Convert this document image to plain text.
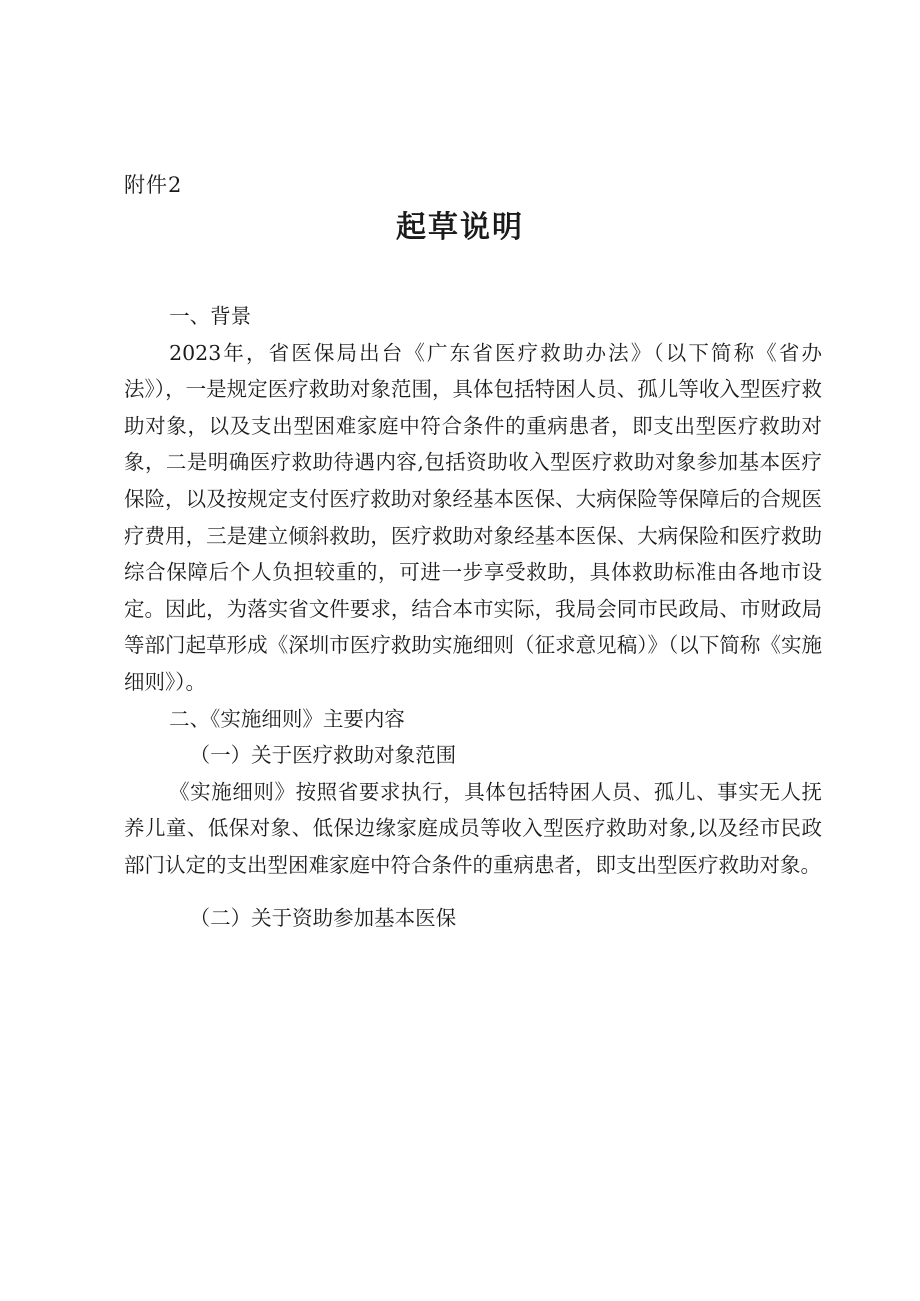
附件2

起草说明

一、背景

2023年，省医保局出台《广东省医疗救助办法》（以下简称《省办法》），一是规定医疗救助对象范围，具体包括特困人员、孤儿等收入型医疗救助对象，以及支出型困难家庭中符合条件的重病患者，即支出型医疗救助对象，二是明确医疗救助待遇内容,包括资助收入型医疗救助对象参加基本医疗保险，以及按规定支付医疗救助对象经基本医保、大病保险等保障后的合规医疗费用，三是建立倾斜救助，医疗救助对象经基本医保、大病保险和医疗救助综合保障后个人负担较重的，可进一步享受救助，具体救助标准由各地市设定。因此，为落实省文件要求，结合本市实际，我局会同市民政局、市财政局等部门起草形成《深圳市医疗救助实施细则（征求意见稿）》（以下简称《实施细则》）。

二、《实施细则》主要内容

（一）关于医疗救助对象范围

《实施细则》按照省要求执行，具体包括特困人员、孤儿、事实无人抚养儿童、低保对象、低保边缘家庭成员等收入型医疗救助对象,以及经市民政部门认定的支出型困难家庭中符合条件的重病患者，即支出型医疗救助对象。

（二）关于资助参加基本医保
